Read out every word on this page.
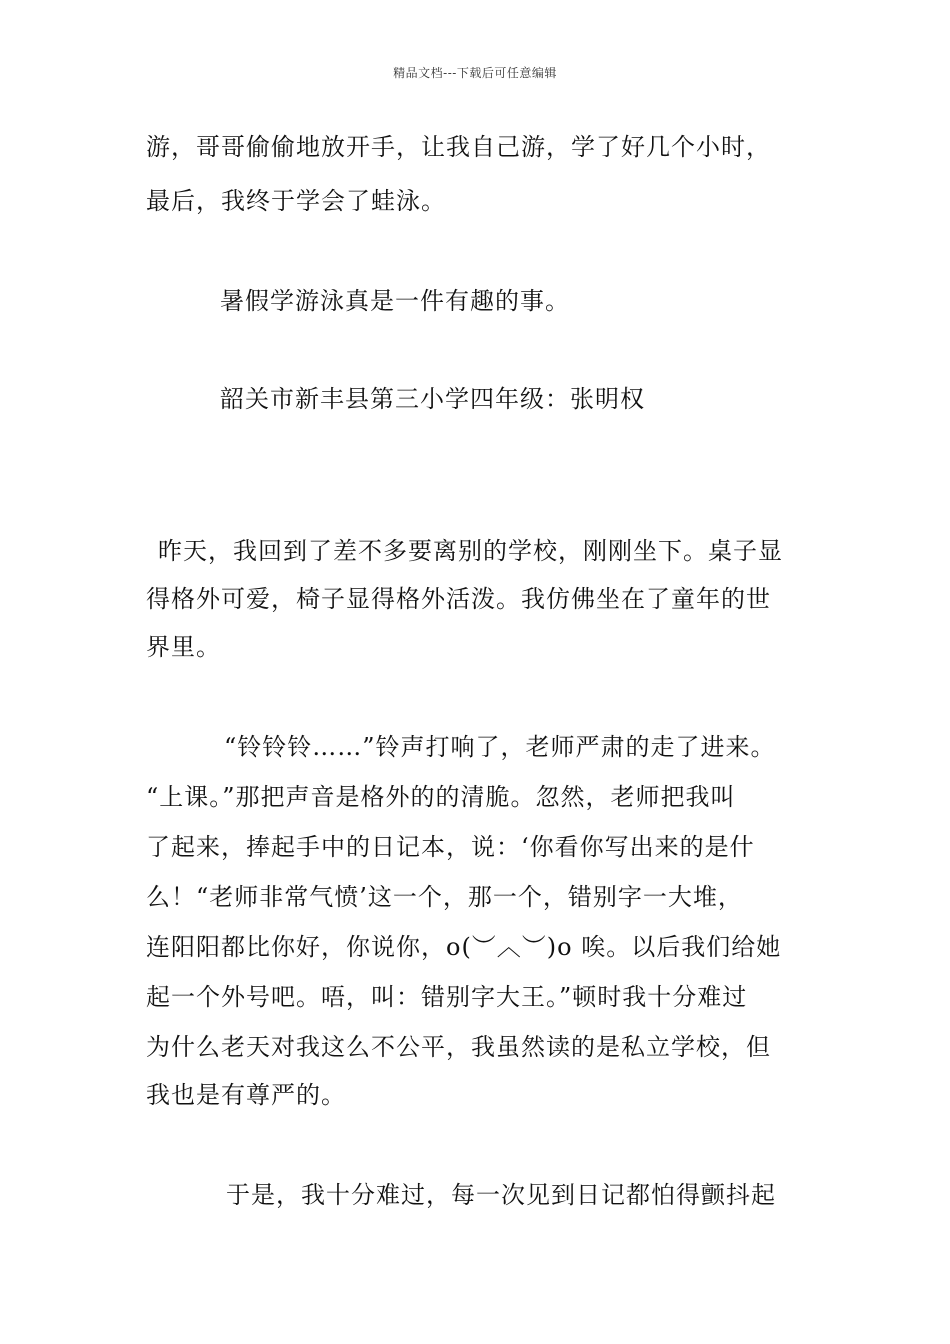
精品文档---下载后可任意编辑
游，哥哥偷偷地放开手，让我自己游，学了好几个小时，
最后，我终于学会了蛙泳。
暑假学游泳真是一件有趣的事。
韶关市新丰县第三小学四年级：张明权
昨天，我回到了差不多要离别的学校，刚刚坐下。桌子显
得格外可爱，椅子显得格外活泼。我仿佛坐在了童年的世
界里。
“铃铃铃……”铃声打响了，老师严肃的走了进来。
“上课。”那把声音是格外的的清脆。忽然，老师把我叫
了起来，捧起手中的日记本，说：‘你看你写出来的是什
么！“老师非常气愤’这一个，那一个，错别字一大堆，
连阳阳都比你好，你说你，o(︶︿︶)o 唉。以后我们给她
起一个外号吧。唔，叫：错别字大王。”顿时我十分难过
为什么老天对我这么不公平，我虽然读的是私立学校，但
我也是有尊严的。
于是，我十分难过，每一次见到日记都怕得颤抖起
